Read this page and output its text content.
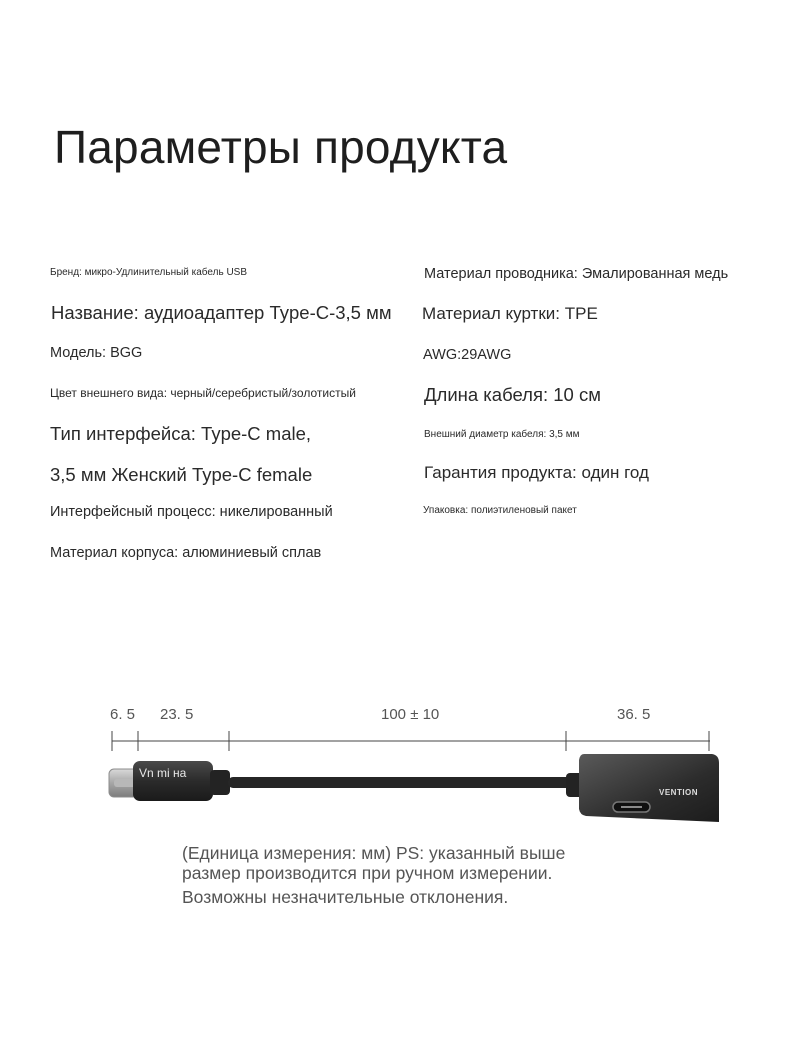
Параметры продукта
Бренд: микро-Удлинительный кабель USB
Название: аудиоадаптер Type-C-3,5 мм
Модель: BGG
Цвет внешнего вида: черный/серебристый/золотистый
Тип интерфейса: Type-C male,
3,5 мм Женский Type-C female
Интерфейсный процесс: никелированный
Материал корпуса: алюминиевый сплав
Материал проводника: Эмалированная медь
Материал куртки: TPE
AWG:29AWG
Длина кабеля: 10 см
Внешний диаметр кабеля: 3,5 мм
Гарантия продукта: один год
Упаковка: полиэтиленовый пакет
6. 5 23. 5	100 ± 10	36. 5
Vn mi на
VENTION
(Единица измерения: мм) PS: указанный выше
размер производится при ручном измерении.
Возможны незначительные отклонения.
